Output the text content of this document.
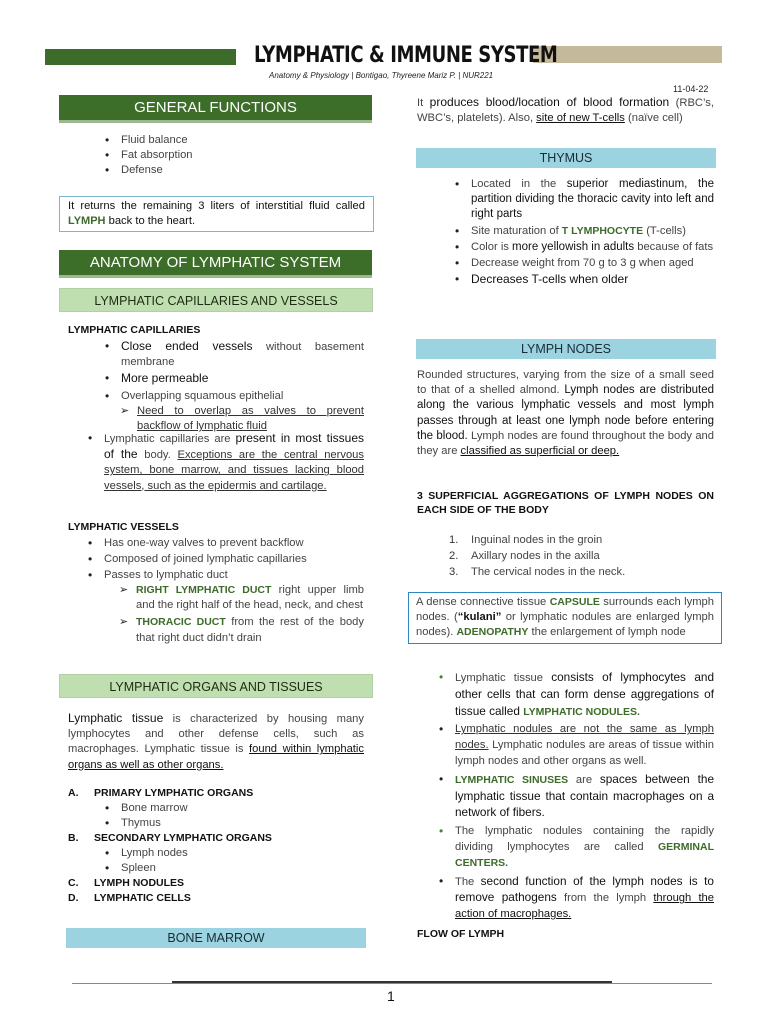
LYMPHATIC & IMMUNE SYSTEM
Anatomy & Physiology | Bontigao, Thyreene Mariz P. | NUR221
11-04-22
GENERAL FUNCTIONS
• Fluid balance
• Fat absorption
• Defense
It returns the remaining 3 liters of interstitial fluid called LYMPH back to the heart.
ANATOMY OF LYMPHATIC SYSTEM
LYMPHATIC CAPILLARIES AND VESSELS
LYMPHATIC CAPILLARIES
• Close ended vessels without basement membrane
• More permeable
• Overlapping squamous epithelial
➢ Need to overlap as valves to prevent backflow of lymphatic fluid
• Lymphatic capillaries are present in most tissues of the body. Exceptions are the central nervous system, bone marrow, and tissues lacking blood vessels, such as the epidermis and cartilage.
LYMPHATIC VESSELS
• Has one-way valves to prevent backflow
• Composed of joined lymphatic capillaries
• Passes to lymphatic duct
➢ RIGHT LYMPHATIC DUCT right upper limb and the right half of the head, neck, and chest
➢ THORACIC DUCT from the rest of the body that right duct didn’t drain
LYMPHATIC ORGANS AND TISSUES
Lymphatic tissue is characterized by housing many lymphocytes and other defense cells, such as macrophages. Lymphatic tissue is found within lymphatic organs as well as other organs.
A. PRIMARY LYMPHATIC ORGANS
• Bone marrow
• Thymus
B. SECONDARY LYMPHATIC ORGANS
• Lymph nodes
• Spleen
C. LYMPH NODULES
D. LYMPHATIC CELLS
BONE MARROW
It produces blood/location of blood formation (RBC’s, WBC’s, platelets). Also, site of new T-cells (naïve cell)
THYMUS
• Located in the superior mediastinum, the partition dividing the thoracic cavity into left and right parts
• Site maturation of T LYMPHOCYTE (T-cells)
• Color is more yellowish in adults because of fats
• Decrease weight from 70 g to 3 g when aged
• Decreases T-cells when older
LYMPH NODES
Rounded structures, varying from the size of a small seed to that of a shelled almond. Lymph nodes are distributed along the various lymphatic vessels and most lymph passes through at least one lymph node before entering the blood. Lymph nodes are found throughout the body and they are classified as superficial or deep.
3 SUPERFICIAL AGGREGATIONS OF LYMPH NODES ON EACH SIDE OF THE BODY
1. Inguinal nodes in the groin
2. Axillary nodes in the axilla
3. The cervical nodes in the neck.
A dense connective tissue CAPSULE surrounds each lymph nodes. (“kulani” or lymphatic nodules are enlarged lymph nodes). ADENOPATHY the enlargement of lymph node
• Lymphatic tissue consists of lymphocytes and other cells that can form dense aggregations of tissue called LYMPHATIC NODULES.
• Lymphatic nodules are not the same as lymph nodes. Lymphatic nodules are areas of tissue within lymph nodes and other organs as well.
• LYMPHATIC SINUSES are spaces between the lymphatic tissue that contain macrophages on a network of fibers.
• The lymphatic nodules containing the rapidly dividing lymphocytes are called GERMINAL CENTERS.
• The second function of the lymph nodes is to remove pathogens from the lymph through the action of macrophages.
FLOW OF LYMPH
1
